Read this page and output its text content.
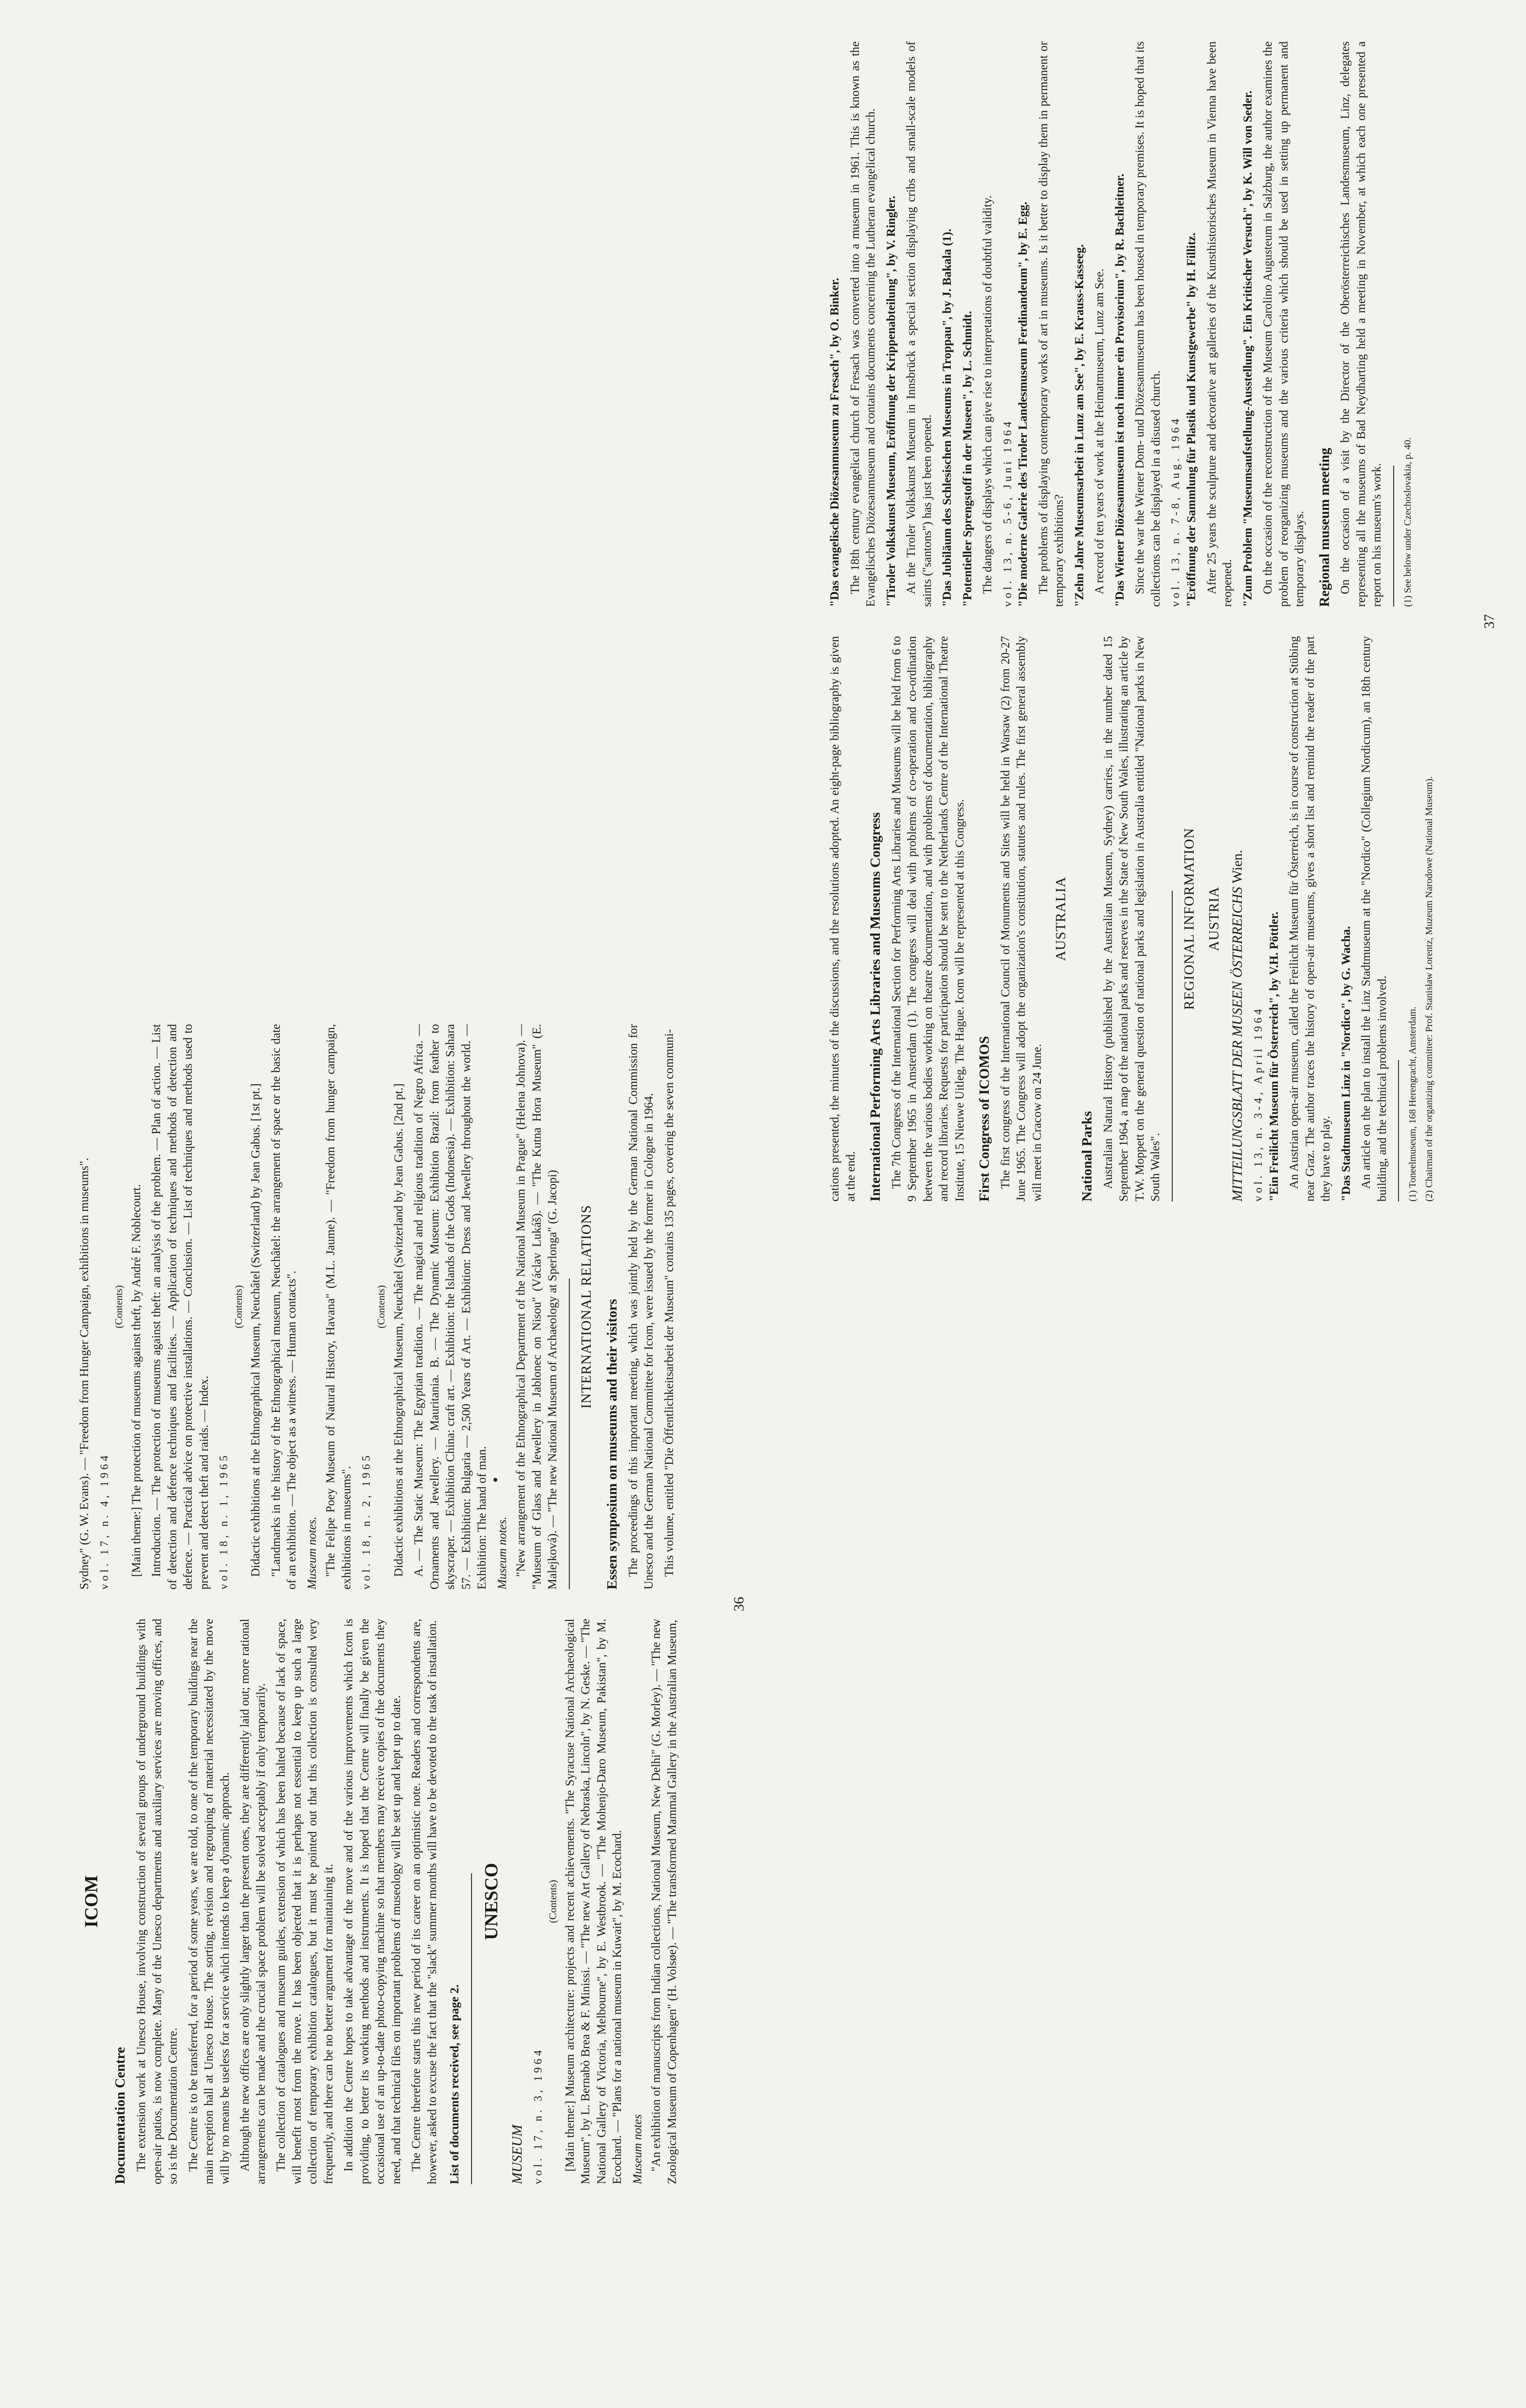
ICOM
Documentation Centre The extension work at Unesco House, involving construction of several groups of underground buildings with open-air patios, is now complete. Many of the Unesco departments and auxiliary services are moving offices, and so is the Documentation Centre. The Centre is to be transferred, for a period of some years, we are told, to one of the temporary buildings near the main reception hall at Unesco House. The sorting, revision and regrouping of material necessitated by the move will by no means be useless for a service which intends to keep a dynamic approach. Although the new offices are only slightly larger than the present ones, they are differently laid out; more rational arrangements can be made and the crucial space problem will be solved acceptably if only temporarily. The collection of catalogues and museum guides, extension of which has been halted because of lack of space, will benefit most from the move. It has been objected that it is perhaps not essential to keep up such a large collection of temporary exhibition catalogues, but it must be pointed out that this collection is consulted very frequently, and there can be no better argument for maintaining it. In addition the Centre hopes to take advantage of the move and of the various improvements which Icom is providing, to better its working methods and instruments. It is hoped that the Centre will finally be given the occasional use of an up-to-date photo-copying machine so that members may receive copies of the documents they need, and that technical files on important problems of museology will be set up and kept up to date. The Centre therefore starts this new period of its career on an optimistic note. Readers and correspondents are, however, asked to excuse the fact that the "slack" summer months will have to be devoted to the task of installation. List of documents received, see page 2.

UNESCO
MUSEUM vol. 17, n. 3, 1964
(Contents) [Main theme:] Museum architecture: projects and recent achievements. "The Syracuse National Archaeological Museum", by L. Bernabò Brea & F. Minissi. — "The new Art Gallery of Nebraska, Lincoln", by N. Geske. — "The National Gallery of Victoria, Melbourne", by E. Westbrook. — "The Mohenjo-Daro Museum, Pakistan", by M. Ecochard. — "Plans for a national museum in Kuwait", by M. Ecochard. Museum notes "An exhibition of manuscripts from Indian collections, National Museum, New Delhi" (G. Morley). — "The new Zoological Museum of Copenhagen" (H. Volsøe). — "The transformed Mammal Gallery in the Australian Museum,

Sydney" (G. W. Evans). — "Freedom from Hunger Campaign, exhibitions in museums". vol. 17, n. 4, 1964
(Contents) [Main theme:] The protection of museums against theft, by André F. Noblecourt. Introduction. — The protection of museums against theft: an analysis of the problem. — Plan of action. — List of detection and defence techniques and facilities. — Application of techniques and methods of detection and defence. — Practical advice on protective installations. — Conclusion. — List of techniques and methods used to prevent and detect theft and raids. — Index. vol. 18, n. 1, 1965
(Contents) Didactic exhibitions at the Ethnographical Museum, Neuchâtel (Switzerland) by Jean Gabus. [1st pt.] "Landmarks in the history of the Ethnographical museum, Neuchâtel: the arrangement of space or the basic date of an exhibition. — The object as a witness. — Human contacts". Museum notes. "The Felipe Poey Museum of Natural History, Havana" (M.L. Jaume). — "Freedom from hunger campaign, exhibitions in museums". vol. 18, n. 2, 1965
(Contents) Didactic exhibitions at the Ethnographical Museum, Neuchâtel (Switzerland by Jean Gabus. [2nd pt.] A. — The Static Museum: The Egyptian tradition. — The magical and religious tradition of Negro Africa. — Ornaments and Jewellery. — Mauritania. B. — The Dynamic Museum: Exhibition Brazil: from feather to skyscraper. — Exhibition China: craft art. — Exhibition: the Islands of the Gods (Indonesia). — Exhibition: Sahara 57. — Exhibition: Bulgaria — 2,500 Years of Art. — Exhibition: Dress and Jewellery throughout the world. — Exhibition: The hand of man. Museum notes. "New arrangement of the Ethnographical Department of the National Museum in Prague" (Helena Johnova). — "Museum of Glass and Jewellery in Jablonec on Nisou" (Václav Lukáš). — "The Kutna Hora Museum" (E. Malejková). — "The new National Museum of Archaeology at Sperlonga" (G. Jacopi) INTERNATIONAL RELATIONS Essen symposium on museums and their visitors The proceedings of this important meeting, which was jointly held by the German National Commission for Unesco and the German National Committee for Icom, were issued by the former in Cologne in 1964. This volume, entitled "Die Öffentlichkeitsarbeit der Museum" contains 135 pages, covering the seven communi-

36

cations presented, the minutes of the discussions, and the resolutions adopted. An eight-page bibliography is given at the end. International Performing Arts Libraries and Museums Congress The 7th Congress of the International Section for Performing Arts Libraries and Museums will be held from 6 to 9 September 1965 in Amsterdam (1). The congress will deal with problems of co-operation and co-ordination between the various bodies working on theatre documentation, and with problems of documentation, bibliography and record libraries. Requests for participation should be sent to the Netherlands Centre of the International Theatre Institute, 15 Nieuwe Uitleg, The Hague. Icom will be represented at this Congress. First Congress of ICOMOS The first congress of the International Council of Monuments and Sites will be held in Warsaw (2) from 20-27 June 1965. The Congress will adopt the organization's constitution, statutes and rules. The first general assembly will meet in Cracow on 24 June.

AUSTRALIA
National Parks Australian Natural History (published by the Australian Museum, Sydney) carries, in the number dated 15 September 1964, a map of the national parks and reserves in the State of New South Wales, illustrating an article by T.W. Moppett on the general question of national parks and legislation in Australia entitled "National parks in New South Wales".

REGIONAL INFORMATION AUSTRIA MITTEILUNGSBLATT DER MUSEEN ÖSTERREICHS Wien.
vol. 13, n. 3-4, April 1964 "Ein Freilicht Museum für Österreich", by V.H. Pöttler. An Austrian open-air museum, called the Freilicht Museum für Österreich, is in course of construction at Stübing near Graz. The author traces the history of open-air museums, gives a short list and remind the reader of the part they have to play. "Das Stadtmuseum Linz in "Nordico", by G. Wacha. An article on the plan to install the Linz Stadtmuseum at the "Nordico" (Collegium Nordicum), an 18th century building, and the technical problems involved. (1) Toneelmuseum, 168 Herengracht, Amsterdam. (2) Chairman of the organizing committee: Prof. Stanisław Lorentz, Muzeum Narodowe (National Museum).

"Das evangelische Diözesanmuseum zu Fresach", by O. Binker. The 18th century evangelical church of Fresach was converted into a museum in 1961. This is known as the Evangelisches Diözesanmuseum and contains documents concerning the Lutheran evangelical church. "Tiroler Volkskunst Museum, Eröffnung der Krippenabteilung", by V. Ringler. At the Tiroler Volkskunst Museum in Innsbrück a special section displaying cribs and small-scale models of saints ("santons") has just been opened. "Das Jubiläum des Schlesischen Museums in Troppau", by J. Bakala (1). "Potentieller Sprengstoff in der Museen", by L. Schmidt. The dangers of displays which can give rise to interpretations of doubtful validity. vol. 13, n. 5-6, Juni 1964 "Die moderne Galerie des Tiroler Landesmuseum Ferdinandeum", by E. Egg. The problems of displaying contemporary works of art in museums. Is it better to display them in permanent or temporary exhibitions? "Zehn Jahre Museumsarbeit in Lunz am See", by E. Krauss-Kasseeg. A record of ten years of work at the Heimatmuseum, Lunz am See. "Das Wiener Diözesanmuseum ist noch immer ein Provisorium", by R. Bachleitner. Since the war the Wiener Dom- und Diözesanmuseum has been housed in temporary premises. It is hoped that its collections can be displayed in a disused church. vol. 13, n. 7-8, Aug. 1964 "Eröffnung der Sammlung für Plastik und Kunstgewerbe" by H. Fillitz. After 25 years the sculpture and decorative art galleries of the Kunsthistorisches Museum in Vienna have been reopened. "Zum Problem "Museumsaufstellung-Ausstellung". Ein Kritischer Versuch", by K. Will von Seder. On the occasion of the reconstruction of the Museum Carolino Augusteum in Salzburg, the author examines the problem of reorganizing museums and the various criteria which should be used in setting up permanent and temporary displays. Regional museum meeting On the occasion of a visit by the Director of the Oberösterreichisches Landesmuseum, Linz, delegates representing all the museums of Bad Neydharting held a meeting in November, at which each one presented a report on his museum's work. (1) See below under Czechoslovakia, p. 40.

37
